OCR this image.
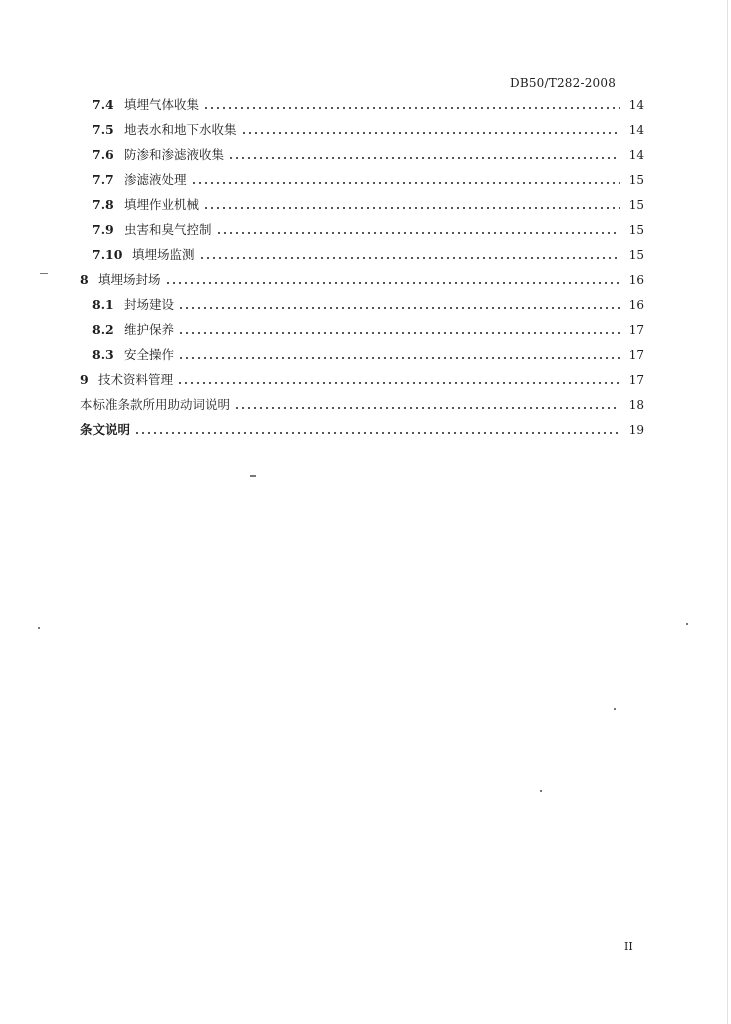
DB50/T282-2008
7.4 填埋气体收集	14
7.5 地表水和地下水收集	14
7.6 防渗和渗滤液收集	14
7.7 渗滤液处理	15
7.8 填埋作业机械	15
7.9 虫害和臭气控制	15
7.10 填埋场监测	15
8 填埋场封场	16
8.1 封场建设	16
8.2 维护保养	17
8.3 安全操作	17
9 技术资料管理	17
本标准条款所用助动词说明	18
条文说明	19
II
